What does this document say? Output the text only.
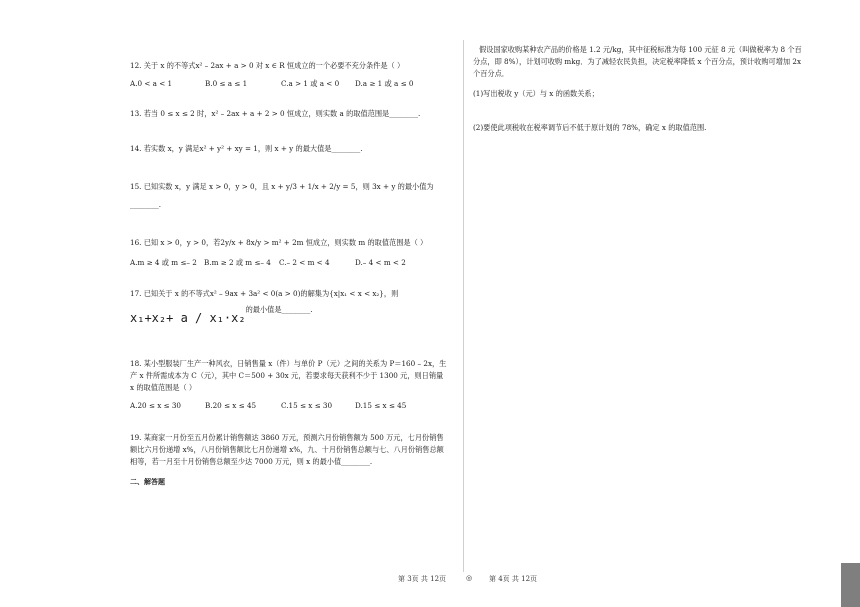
12. 关于 x 的不等式x² – 2ax + a > 0 对 x ∈ R 恒成立的一个必要不充分条件是（ ）

A.0 < a < 1	B.0 ≤ a ≤ 1	C.a > 1 或 a < 0	D.a ≥ 1 或 a ≤ 0

13. 若当 0 ≤ x ≤ 2 时，x² – 2ax + a + 2 > 0 恒成立，则实数 a 的取值范围是________.

14. 若实数 x，y 满足x² + y² + xy = 1，则 x + y 的最大值是________.

15. 已知实数 x，y 满足 x > 0，y > 0，且 x + y/3 + 1/x + 2/y = 5，则 3x + y 的最小值为

________.

16. 已知 x > 0，y > 0，若2y/x + 8x/y > m² + 2m 恒成立，则实数 m 的取值范围是（ ）

A.m ≥ 4 或 m ≤– 2	B.m ≥ 2 或 m ≤– 4	C.– 2 < m < 4	D.– 4 < m < 2

17. 已知关于 x 的不等式x² – 9ax + 3a² < 0(a > 0)的解集为{x|x₁ < x < x₂}，则

x₁+x₂+ a / x₁·x₂的最小值是________.

18. 某小型服装厂生产一种风衣，日销售量 x（件）与单价 P（元）之间的关系为 P＝160 – 2x，生产 x 件所需成本为 C（元），其中 C＝500 + 30x 元，若要求每天获利不少于 1300 元，则日销量 x 的取值范围是（ ）

A.20 ≤ x ≤ 30	B.20 ≤ x ≤ 45	C.15 ≤ x ≤ 30	D.15 ≤ x ≤ 45

19. 某商家一月份至五月份累计销售额达 3860 万元，预测六月份销售额为 500 万元，七月份销售额比六月份递增 x%，八月份销售额比七月份递增 x%，九、十月份销售总额与七、八月份销售总额相等，若一月至十月份销售总额至少达 7000 万元，则 x 的最小值________.

二、解答题

假设国家收购某种农产品的价格是 1.2 元/kg，其中征税标准为每 100 元征 8 元（叫做税率为 8 个百分点，即 8%），计划可收购 mkg．为了减轻农民负担，决定税率降低 x 个百分点，预计收购可增加 2x 个百分点．

(1)写出税收 y（元）与 x 的函数关系；

(2)要使此项税收在税率调节后不低于原计划的 78%，确定 x 的取值范围.

第 3页 共 12页	◎ 第 4页 共 12页
